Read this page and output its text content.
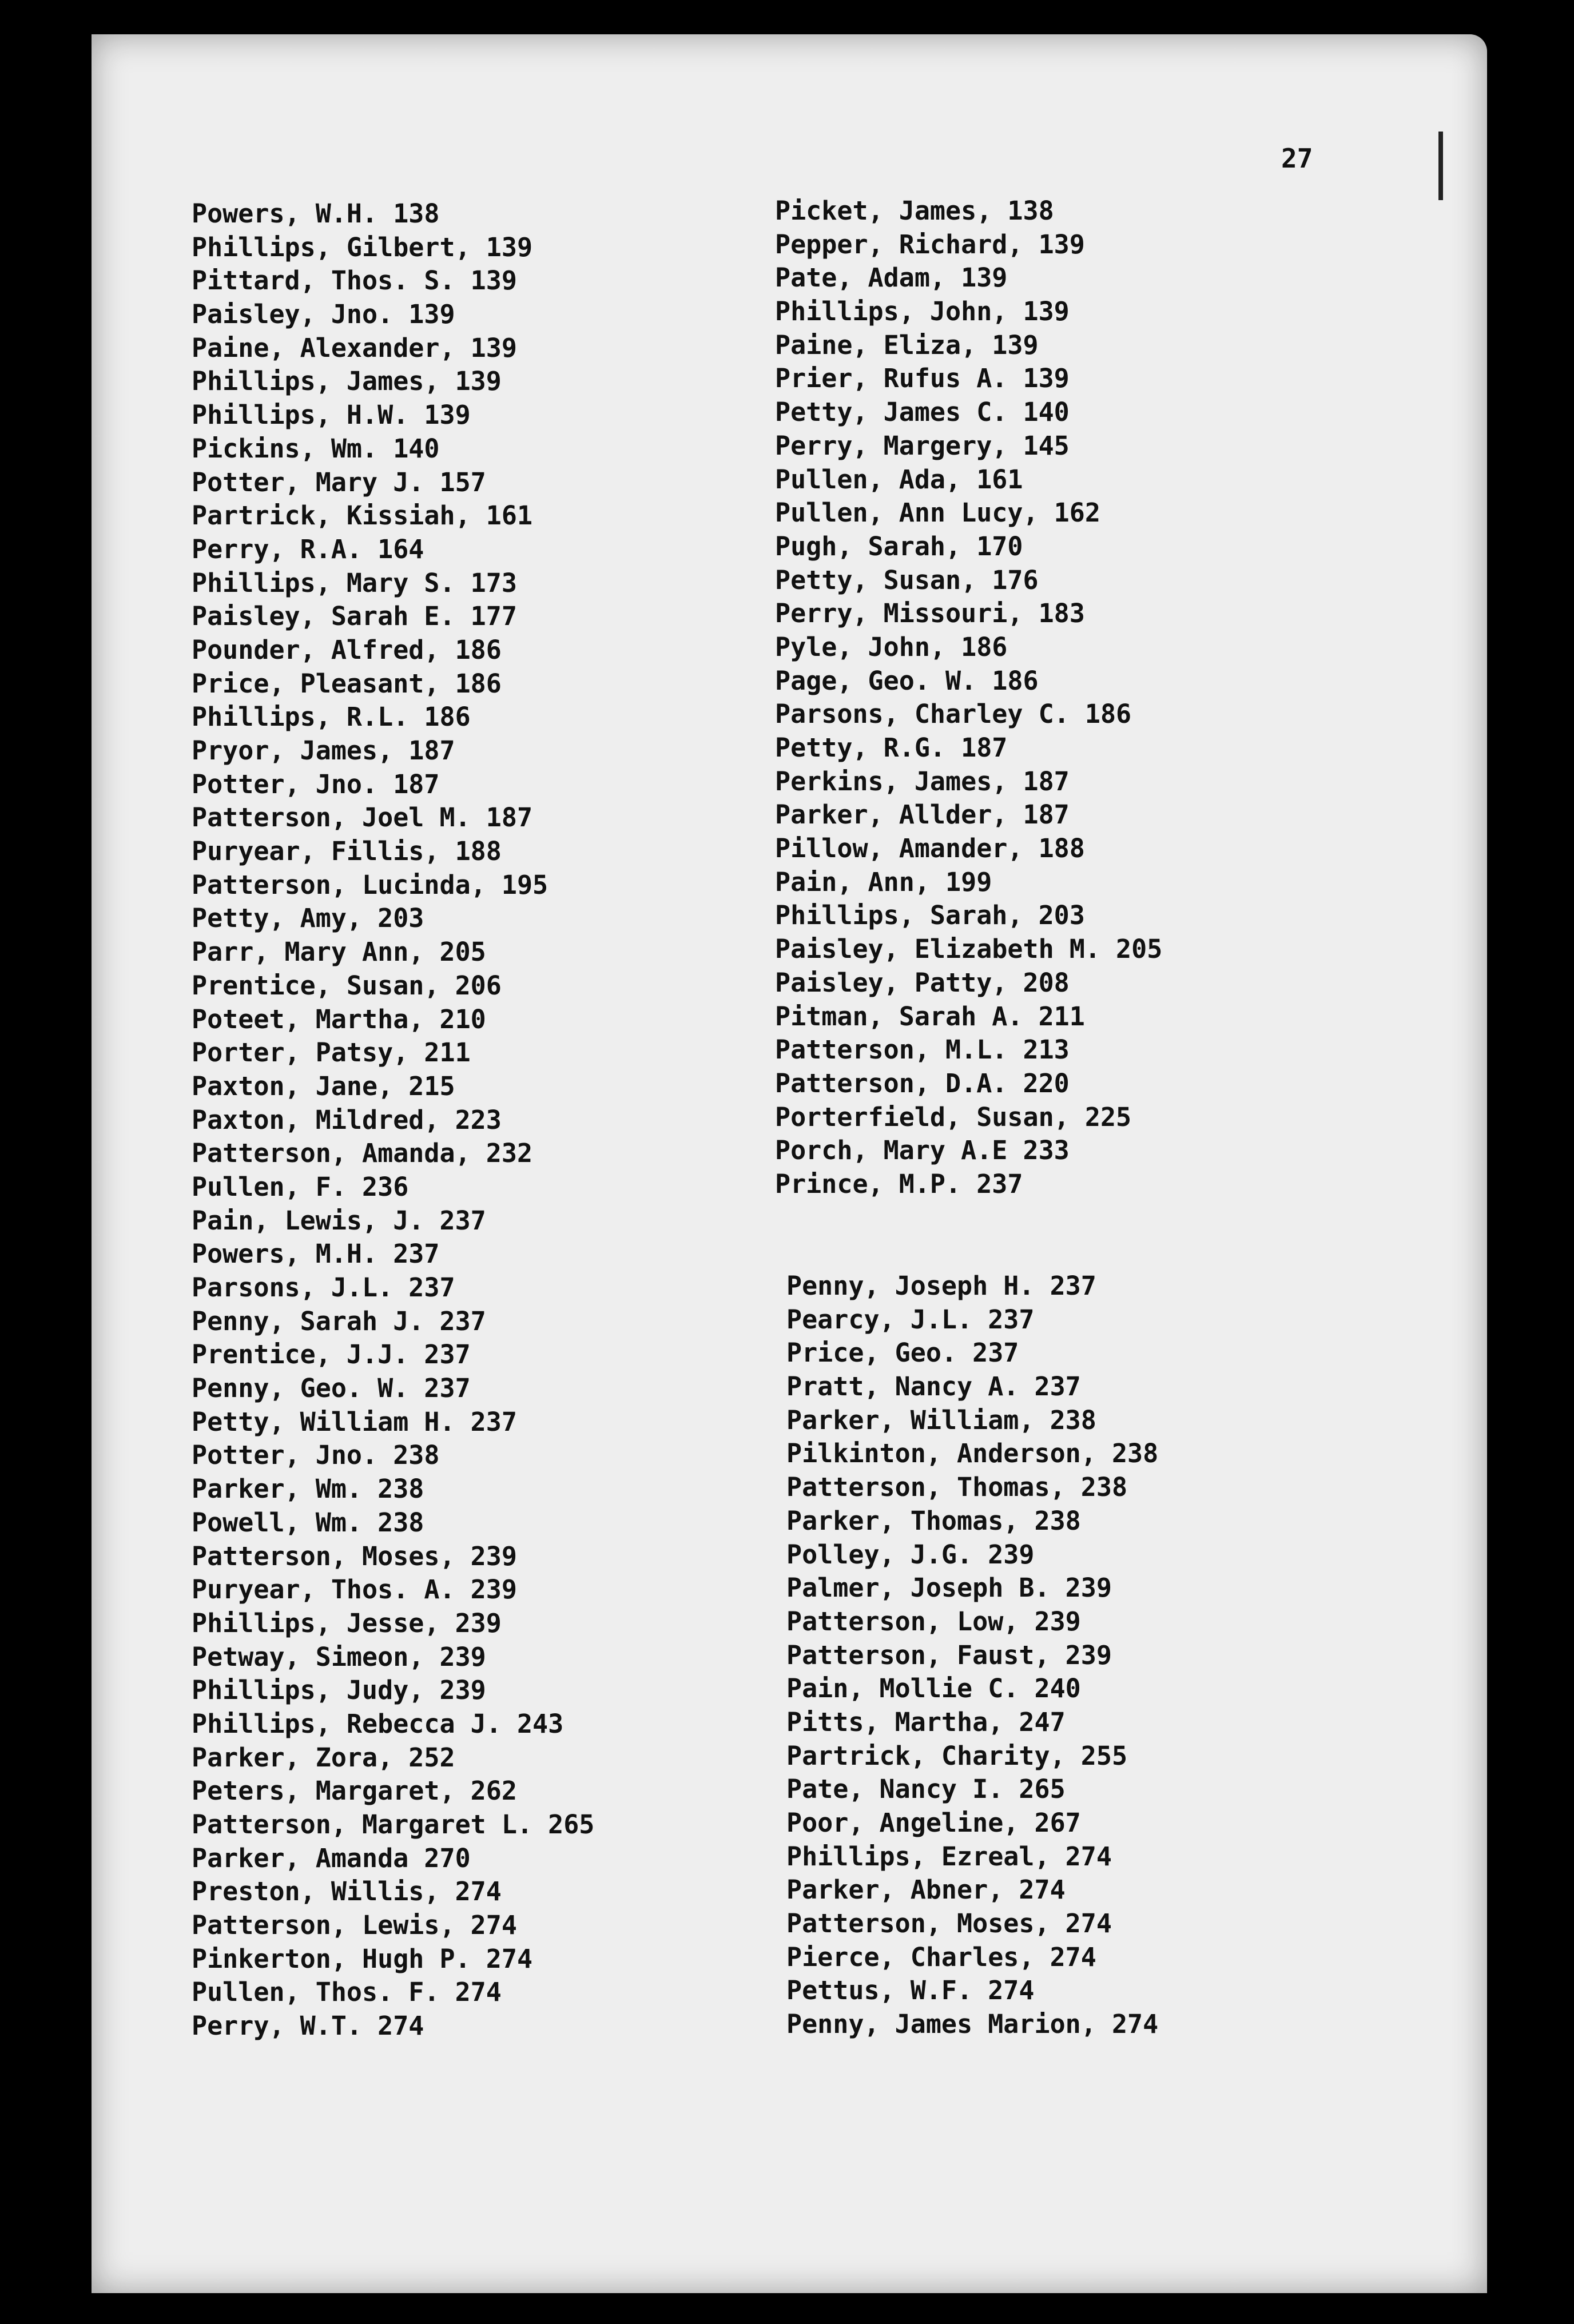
27
Powers, W.H. 138
Phillips, Gilbert, 139
Pittard, Thos. S. 139
Paisley, Jno. 139
Paine, Alexander, 139
Phillips, James, 139
Phillips, H.W. 139
Pickins, Wm. 140
Potter, Mary J. 157
Partrick, Kissiah, 161
Perry, R.A. 164
Phillips, Mary S. 173
Paisley, Sarah E. 177
Pounder, Alfred, 186
Price, Pleasant, 186
Phillips, R.L. 186
Pryor, James, 187
Potter, Jno. 187
Patterson, Joel M. 187
Puryear, Fillis, 188
Patterson, Lucinda, 195
Petty, Amy, 203
Parr, Mary Ann, 205
Prentice, Susan, 206
Poteet, Martha, 210
Porter, Patsy, 211
Paxton, Jane, 215
Paxton, Mildred, 223
Patterson, Amanda, 232
Pullen, F. 236
Pain, Lewis, J. 237
Powers, M.H. 237
Parsons, J.L. 237
Penny, Sarah J. 237
Prentice, J.J. 237
Penny, Geo. W. 237
Petty, William H. 237
Potter, Jno. 238
Parker, Wm. 238
Powell, Wm. 238
Patterson, Moses, 239
Puryear, Thos. A. 239
Phillips, Jesse, 239
Petway, Simeon, 239
Phillips, Judy, 239
Phillips, Rebecca J. 243
Parker, Zora, 252
Peters, Margaret, 262
Patterson, Margaret L. 265
Parker, Amanda 270
Preston, Willis, 274
Patterson, Lewis, 274
Pinkerton, Hugh P. 274
Pullen, Thos. F. 274
Perry, W.T. 274
Picket, James, 138
Pepper, Richard, 139
Pate, Adam, 139
Phillips, John, 139
Paine, Eliza, 139
Prier, Rufus A. 139
Petty, James C. 140
Perry, Margery, 145
Pullen, Ada, 161
Pullen, Ann Lucy, 162
Pugh, Sarah, 170
Petty, Susan, 176
Perry, Missouri, 183
Pyle, John, 186
Page, Geo. W. 186
Parsons, Charley C. 186
Petty, R.G. 187
Perkins, James, 187
Parker, Allder, 187
Pillow, Amander, 188
Pain, Ann, 199
Phillips, Sarah, 203
Paisley, Elizabeth M. 205
Paisley, Patty, 208
Pitman, Sarah A. 211
Patterson, M.L. 213
Patterson, D.A. 220
Porterfield, Susan, 225
Porch, Mary A.E 233
Prince, M.P. 237
Penny, Joseph H. 237
Pearcy, J.L. 237
Price, Geo. 237
Pratt, Nancy A. 237
Parker, William, 238
Pilkinton, Anderson, 238
Patterson, Thomas, 238
Parker, Thomas, 238
Polley, J.G. 239
Palmer, Joseph B. 239
Patterson, Low, 239
Patterson, Faust, 239
Pain, Mollie C. 240
Pitts, Martha, 247
Partrick, Charity, 255
Pate, Nancy I. 265
Poor, Angeline, 267
Phillips, Ezreal, 274
Parker, Abner, 274
Patterson, Moses, 274
Pierce, Charles, 274
Pettus, W.F. 274
Penny, James Marion, 274
